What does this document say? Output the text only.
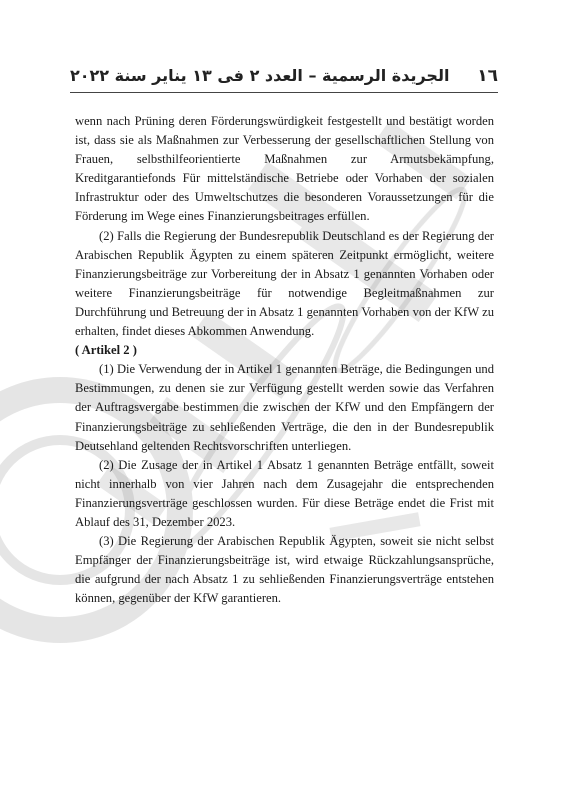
الجريدة الرسمية – العدد ٢ فى ١٣ يناير سنة ٢٠٢٢ ١٦

wenn nach Prüning deren Förderungswürdigkeit festgestellt und bestätigt worden ist, dass sie als Maßnahmen zur Verbesserung der gesellschaftlichen Stellung von Frauen, selbsthilfeorientierte Maßnahmen zur Armutsbekämpfung, Kreditgarantiefonds Für mittelständische Betriebe oder Vorhaben der sozialen Infrastruktur oder des Umweltschutzes die besonderen Voraussetzungen für die Förderung im Wege eines Finanzierungsbeitrages erfüllen.

(2) Falls die Regierung der Bundesrepublik Deutschland es der Regierung der Arabischen Republik Ägypten zu einem späteren Zeitpunkt ermöglicht, weitere Finanzierungsbeiträge zur Vorbereitung der in Absatz 1 genannten Vorhaben oder weitere Finanzierungsbeiträge für notwendige Begleitmaßnahmen zur Durchführung und Betreuung der in Absatz 1 genannten Vorhaben von der KfW zu erhalten, findet dieses Abkommen Anwendung.

( Artikel 2 )

(1) Die Verwendung der in Artikel 1 genannten Beträge, die Bedingungen und Bestimmungen, zu denen sie zur Verfügung gestellt werden sowie das Verfahren der Auftragsvergabe bestimmen die zwischen der KfW und den Empfängern der Finanzierungsbeiträge zu sehließenden Verträge, die den in der Bundesrepublik Deutsehland geltenden Rechtsvorschriften unterliegen.

(2) Die Zusage der in Artikel 1 Absatz 1 genannten Beträge entfällt, soweit nicht innerhalb von vier Jahren nach dem Zusagejahr die entsprechenden Finanzierungsverträge geschlossen wurden. Für diese Beträge endet die Frist mit Ablauf des 31, Dezember 2023.

(3) Die Regierung der Arabischen Republik Ägypten, soweit sie nicht selbst Empfänger der Finanzierungsbeiträge ist, wird etwaige Rückzahlungsansprüche, die aufgrund der nach Absatz 1 zu sehließenden Finanzierungsverträge entstehen können, gegenüber der KfW garantieren.
